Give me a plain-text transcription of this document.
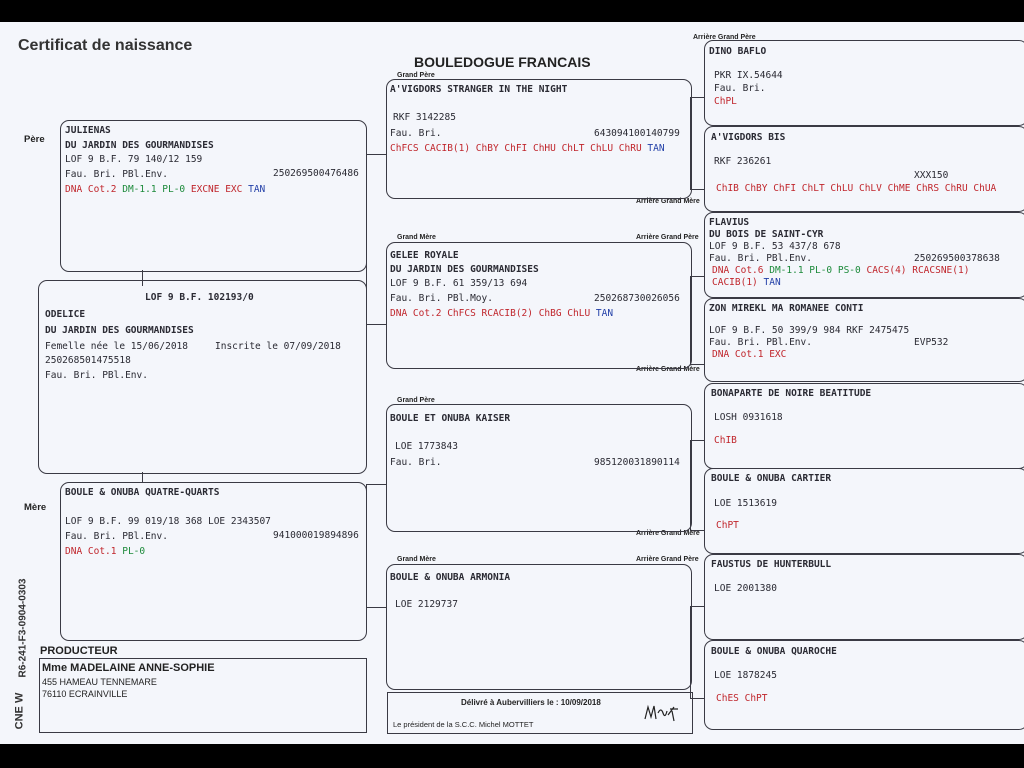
Certificat de naissance
BOULEDOGUE FRANCAIS
R6-241-F3-0904-0303
CNE W
Père
Mère
JULIENAS
DU JARDIN DES GOURMANDISES
LOF 9 B.F. 79 140/12 159
Fau. Bri. PBl.Env.	250269500476486
DNA Cot.2 DM-1.1 PL-0 EXCNE EXC TAN
LOF 9 B.F. 102193/0
ODELICE
DU JARDIN DES GOURMANDISES
Femelle née le 15/06/2018	Inscrite le 07/09/2018
250268501475518
Fau. Bri. PBl.Env.
BOULE & ONUBA QUATRE-QUARTS
LOF 9 B.F. 99 019/18 368 LOE 2343507
Fau. Bri. PBl.Env.	941000019894896
DNA Cot.1 PL-0
Grand Père
Arrière Grand Mère
Grand Mère	Arrière Grand Père
Arrière Grand Mère
Grand Père
Arrière Grand Mère
Grand Mère	Arrière Grand Père
Arrière Grand Père
A'VIGDORS STRANGER IN THE NIGHT
RKF 3142285
Fau. Bri.	643094100140799
ChFCS CACIB(1) ChBY ChFI ChHU ChLT ChLU ChRU TAN
GELEE ROYALE
DU JARDIN DES GOURMANDISES
LOF 9 B.F. 61 359/13 694
Fau. Bri. PBl.Moy.	250268730026056
DNA Cot.2 ChFCS RCACIB(2) ChBG ChLU TAN
BOULE ET ONUBA KAISER
LOE 1773843
Fau. Bri.	985120031890114
BOULE & ONUBA ARMONIA
LOE 2129737
DINO BAFLO
PKR IX.54644
Fau. Bri.
ChPL
A'VIGDORS BIS
RKF 236261
XXX150
ChIB ChBY ChFI ChLT ChLU ChLV ChME ChRS ChRU ChUA
FLAVIUS
DU BOIS DE SAINT-CYR
LOF 9 B.F. 53 437/8 678
Fau. Bri. PBl.Env.	250269500378638
DNA Cot.6 DM-1.1 PL-0 PS-0 CACS(4) RCACSNE(1)
CACIB(1) TAN
ZON MIREKL MA ROMANEE CONTI
LOF 9 B.F. 50 399/9 984 RKF 2475475
Fau. Bri. PBl.Env.	EVP532
DNA Cot.1 EXC
BONAPARTE DE NOIRE BEATITUDE
LOSH 0931618
ChIB
BOULE & ONUBA CARTIER
LOE 1513619
ChPT
FAUSTUS DE HUNTERBULL
LOE 2001380
BOULE & ONUBA QUAROCHE
LOE 1878245
ChES ChPT
PRODUCTEUR
Mme MADELAINE ANNE-SOPHIE
455 HAMEAU TENNEMARE
76110 ECRAINVILLE
Délivré à Aubervilliers le : 10/09/2018
Le président de la S.C.C. Michel MOTTET
